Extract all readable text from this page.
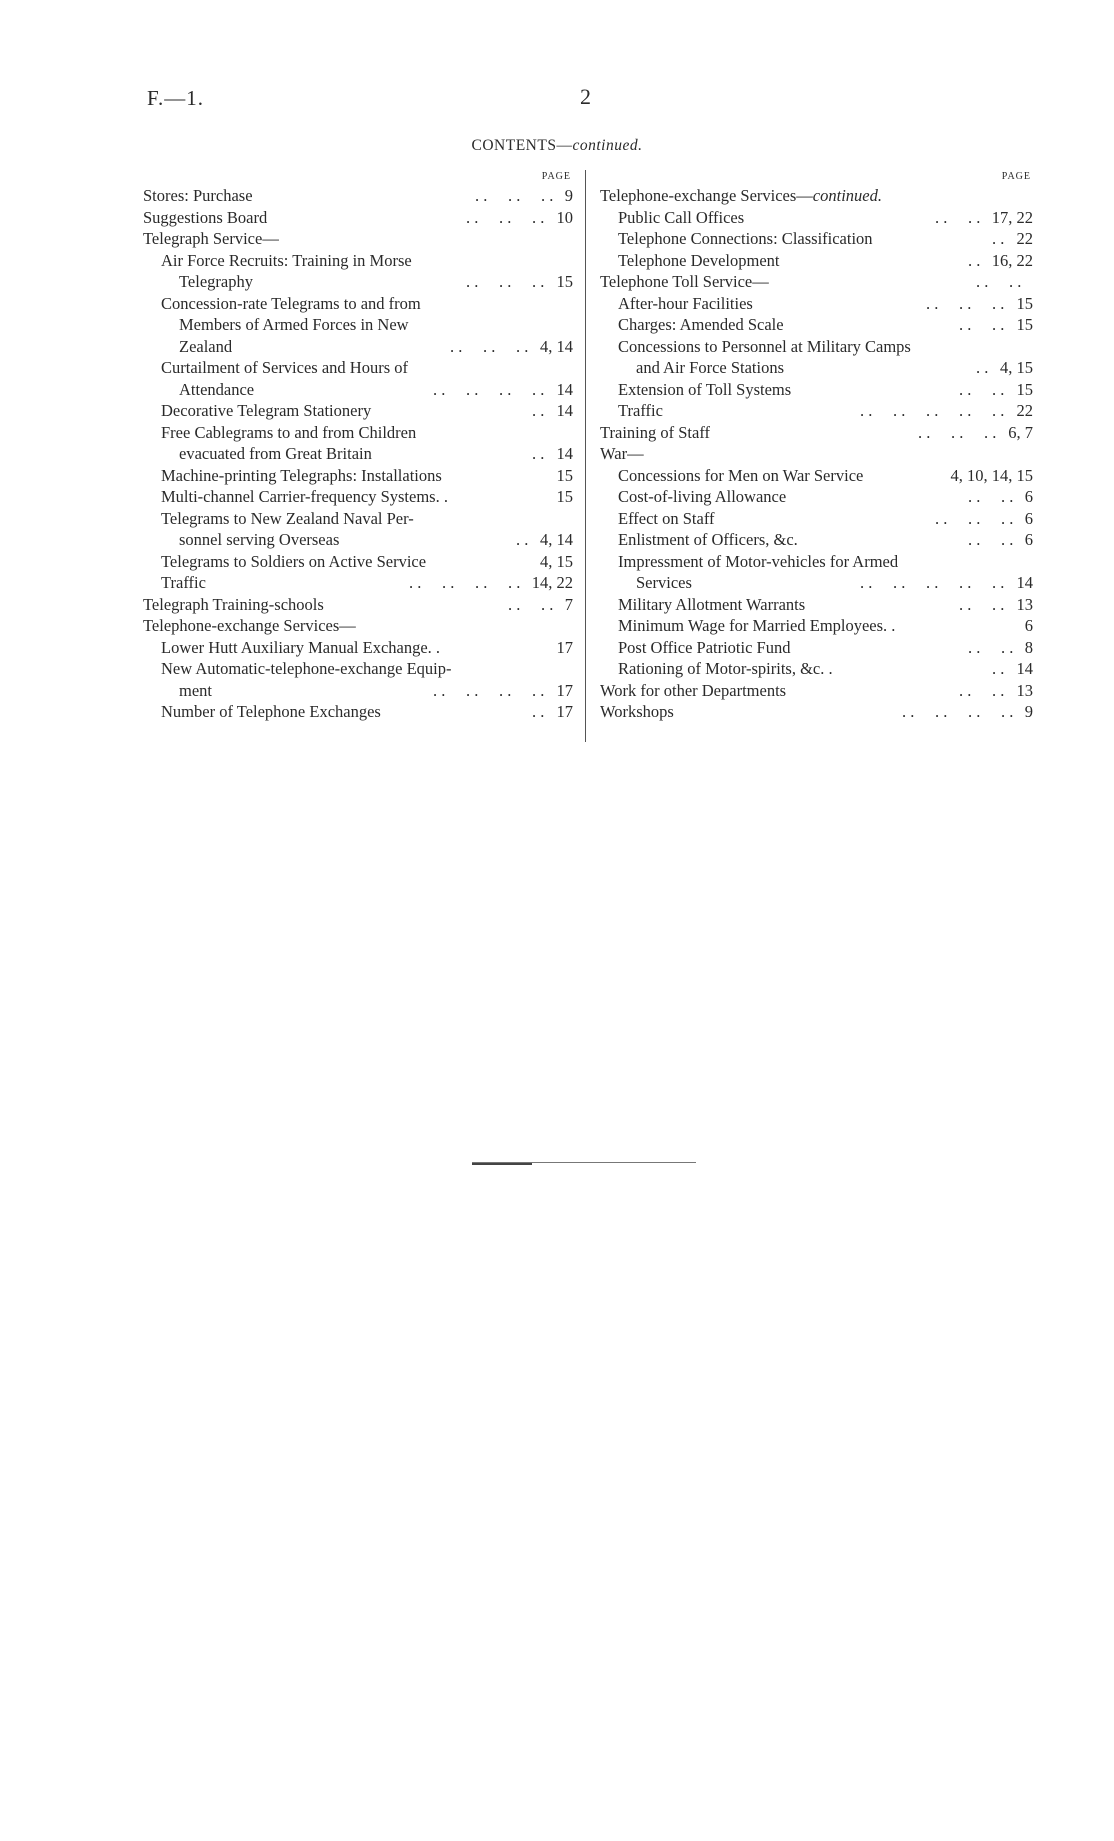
F.—1.	2
CONTENTS—continued.
PAGE
Stores: Purchase	. .     . .     . . 9
Suggestions Board	. .     . .     . . 10
Telegraph Service—
Air Force Recruits: Training in Morse
Telegraphy	. .     . .     . . 15
Concession-rate Telegrams to and from
Members of Armed Forces in New
Zealand	. .     . .     . . 4, 14
Curtailment of Services and Hours of
Attendance	. .     . .     . .     . . 14
Decorative Telegram Stationery	. . 14
Free Cablegrams to and from Children
evacuated from Great Britain	. . 14
Machine-printing Telegraphs: Installations	15
Multi-channel Carrier-frequency Systems. .	15
Telegrams to New Zealand Naval Per-
sonnel serving Overseas	. . 4, 14
Telegrams to Soldiers on Active Service	4, 15
Traffic	. .     . .     . .     . . 14, 22
Telegraph Training-schools	. .     . . 7
Telephone-exchange Services—
Lower Hutt Auxiliary Manual Exchange. .	17
New Automatic-telephone-exchange Equip-
ment	. .     . .     . .     . . 17
Number of Telephone Exchanges	. . 17
PAGE
Telephone-exchange Services—continued.
Public Call Offices	. .     . . 17, 22
Telephone Connections: Classification	. . 22
Telephone Development	. . 16, 22
Telephone Toll Service—	. .     . .
After-hour Facilities	. .     . .     . . 15
Charges: Amended Scale	. .     . . 15
Concessions to Personnel at Military Camps
and Air Force Stations	. . 4, 15
Extension of Toll Systems	. .     . . 15
Traffic	. .     . .     . .     . .     . . 22
Training of Staff	. .     . .     . . 6, 7
War—
Concessions for Men on War Service	4, 10, 14, 15
Cost-of-living Allowance	. .     . . 6
Effect on Staff	. .     . .     . . 6
Enlistment of Officers, &c.	. .     . . 6
Impressment of Motor-vehicles for Armed
Services	. .     . .     . .     . .     . . 14
Military Allotment Warrants	. .     . . 13
Minimum Wage for Married Employees. .	6
Post Office Patriotic Fund	. .     . . 8
Rationing of Motor-spirits, &c. .	. . 14
Work for other Departments	. .     . . 13
Workshops	. .     . .     . .     . . 9
